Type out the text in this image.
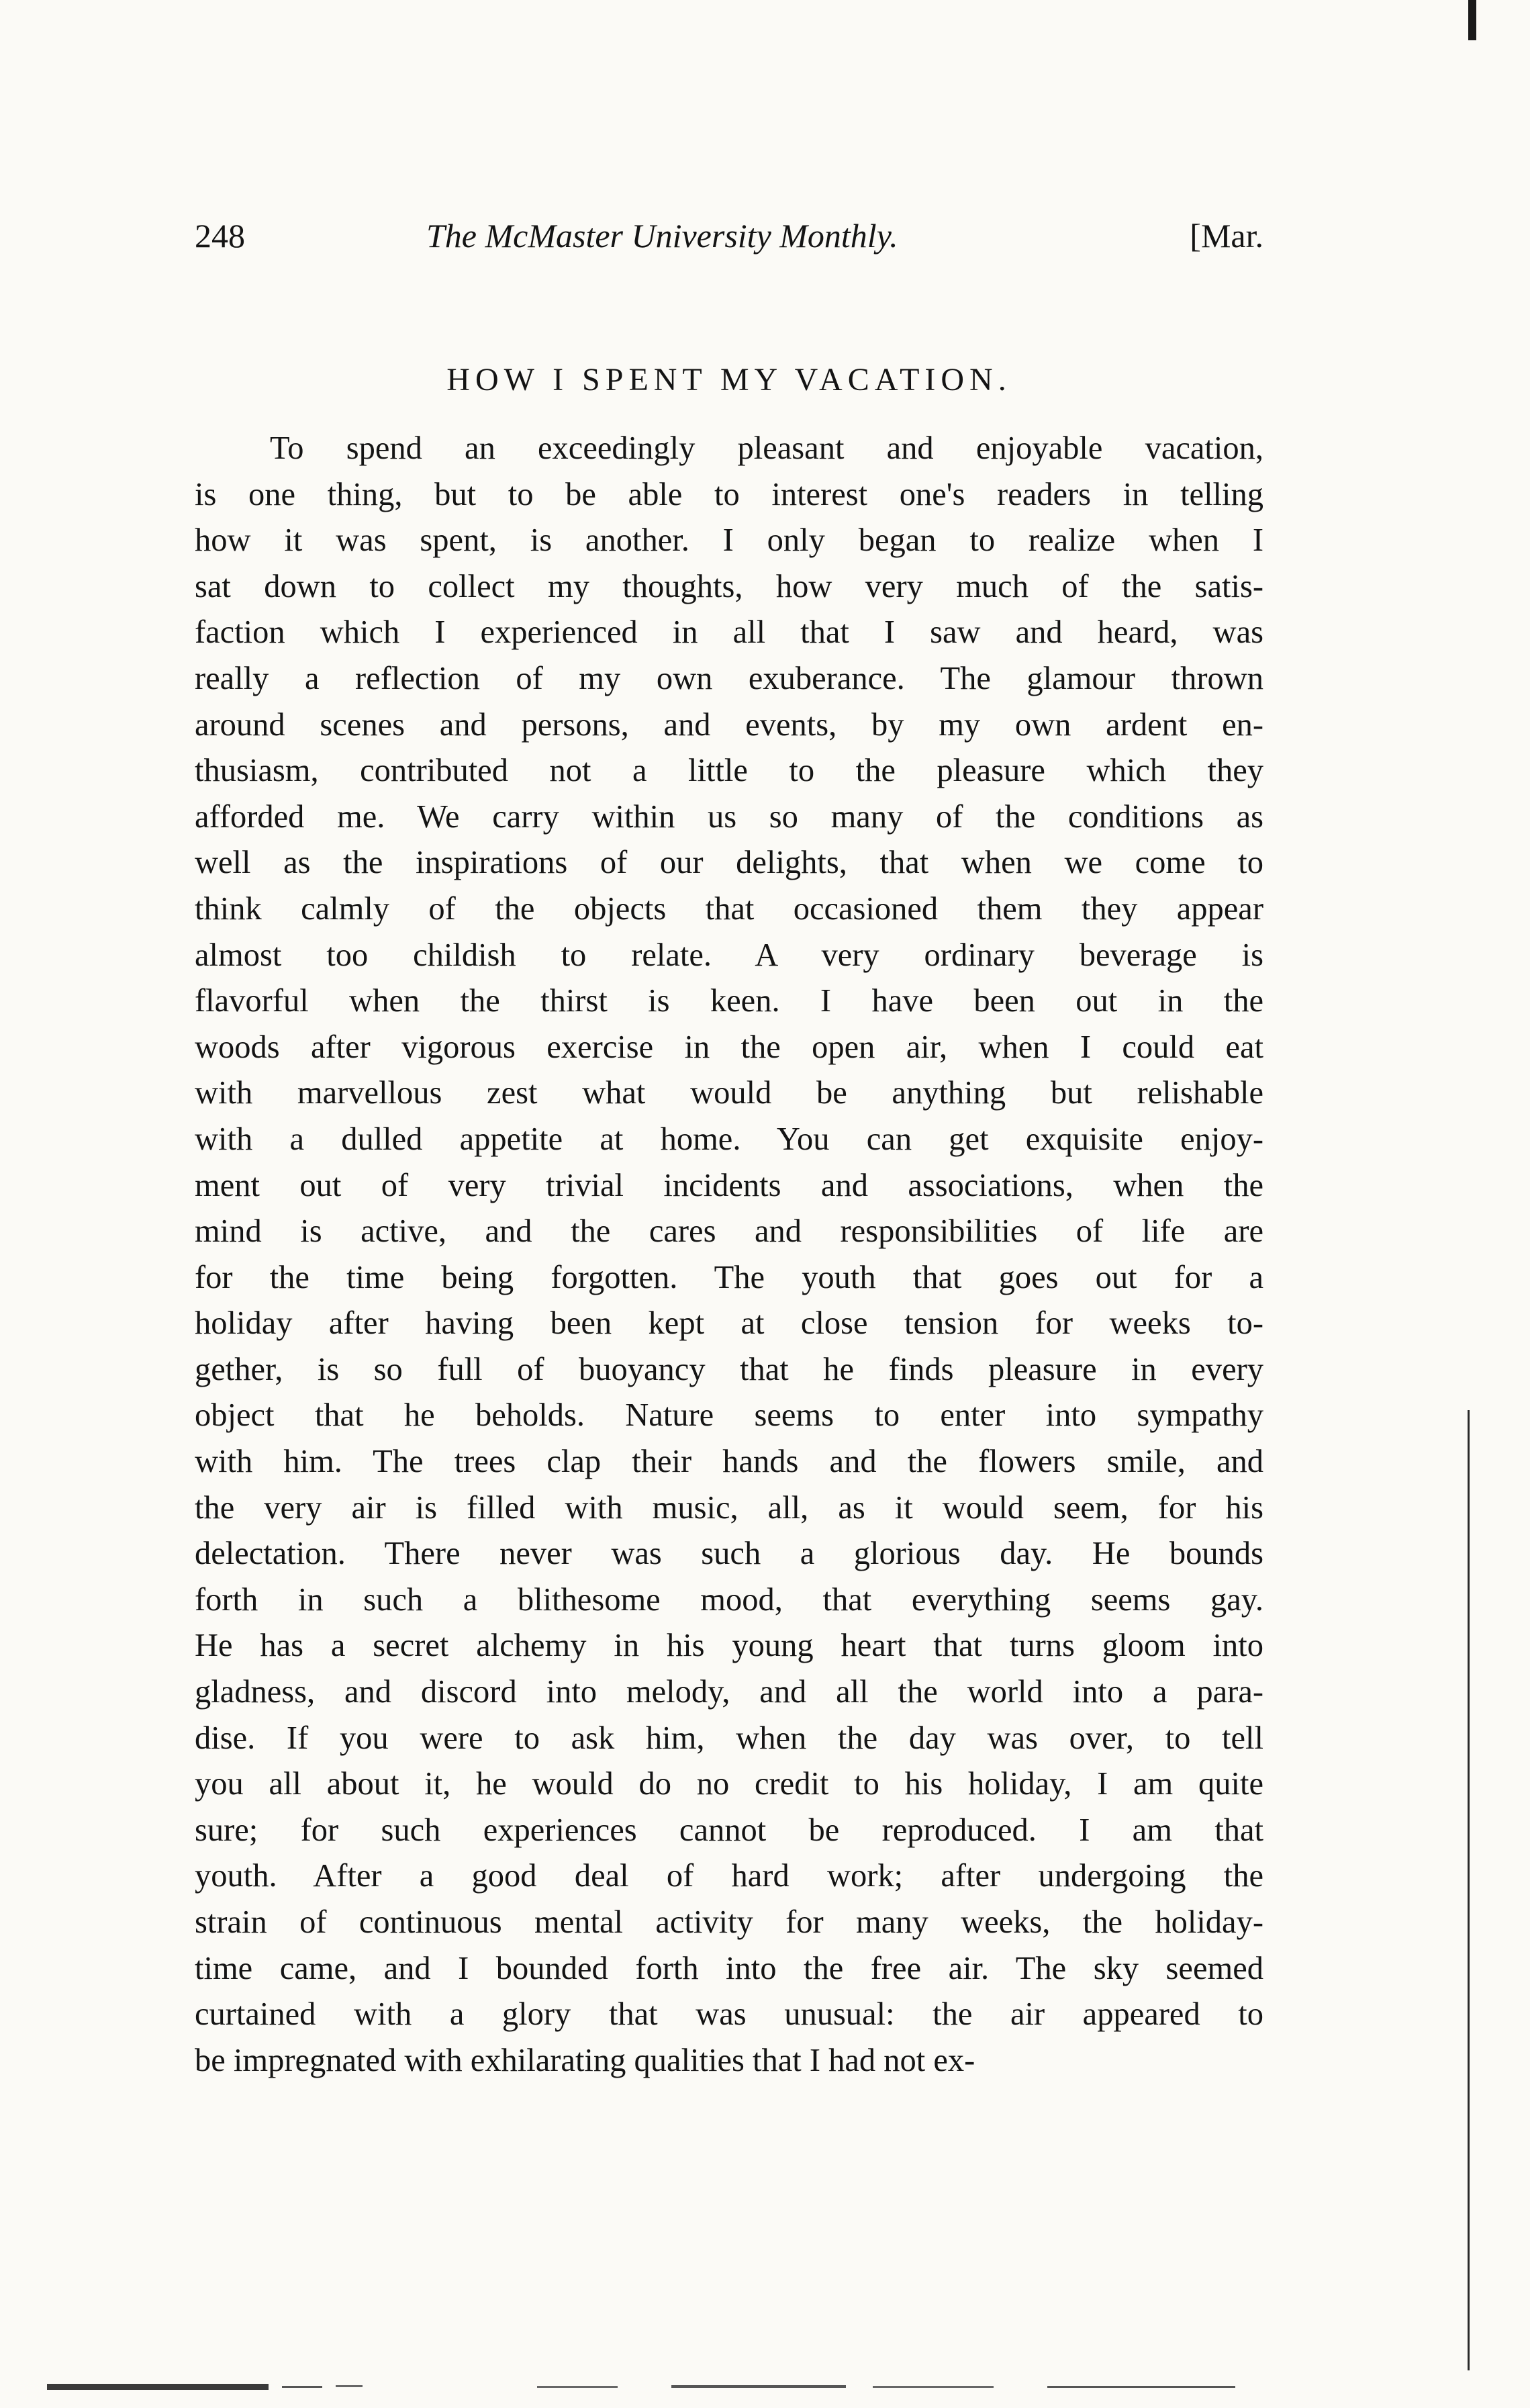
248	The McMaster University Monthly.	[Mar.
HOW I SPENT MY VACATION.
To spend an exceedingly pleasant and enjoyable vacation,
is one thing, but to be able to interest one's readers in telling
how it was spent, is another. I only began to realize when I
sat down to collect my thoughts, how very much of the satis-
faction which I experienced in all that I saw and heard, was
really a reflection of my own exuberance. The glamour thrown
around scenes and persons, and events, by my own ardent en-
thusiasm, contributed not a little to the pleasure which they
afforded me. We carry within us so many of the conditions as
well as the inspirations of our delights, that when we come to
think calmly of the objects that occasioned them they appear
almost too childish to relate. A very ordinary beverage is
flavorful when the thirst is keen. I have been out in the
woods after vigorous exercise in the open air, when I could eat
with marvellous zest what would be anything but relishable
with a dulled appetite at home. You can get exquisite enjoy-
ment out of very trivial incidents and associations, when the
mind is active, and the cares and responsibilities of life are
for the time being forgotten. The youth that goes out for a
holiday after having been kept at close tension for weeks to-
gether, is so full of buoyancy that he finds pleasure in every
object that he beholds. Nature seems to enter into sympathy
with him. The trees clap their hands and the flowers smile, and
the very air is filled with music, all, as it would seem, for his
delectation. There never was such a glorious day. He bounds
forth in such a blithesome mood, that everything seems gay.
He has a secret alchemy in his young heart that turns gloom into
gladness, and discord into melody, and all the world into a para-
dise. If you were to ask him, when the day was over, to tell
you all about it, he would do no credit to his holiday, I am quite
sure; for such experiences cannot be reproduced. I am that
youth. After a good deal of hard work; after undergoing the
strain of continuous mental activity for many weeks, the holiday-
time came, and I bounded forth into the free air. The sky seemed
curtained with a glory that was unusual: the air appeared to
be impregnated with exhilarating qualities that I had not ex-
